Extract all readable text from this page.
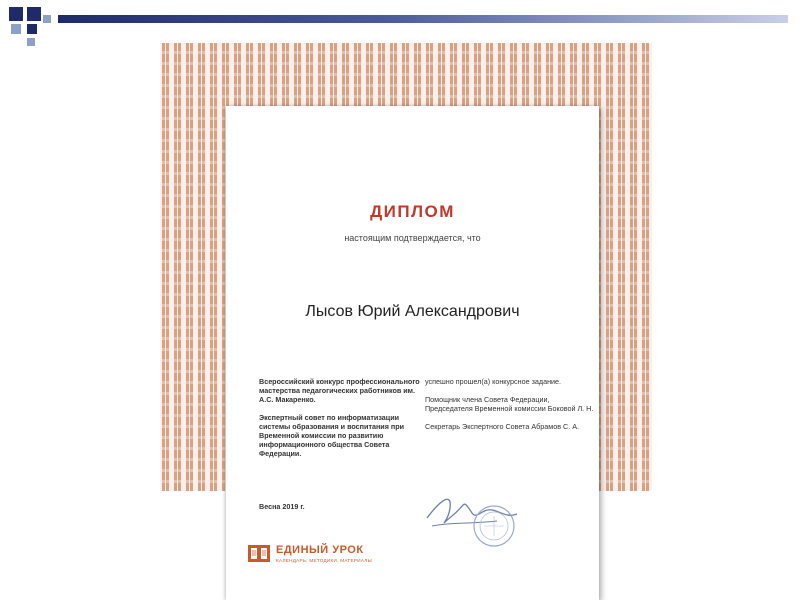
ДИПЛОМ
настоящим подтверждается, что
Лысов Юрий Александрович

Всероссийский конкурс профессионального мастерства педагогических работников им. А.С. Макаренко.

Экспертный совет по информатизации системы образования и воспитания при Временной комиссии по развитию информационного общества Совета Федерации.

Весна 2019 г.

успешно прошел(а) конкурсное задание.

Помощник члена Совета Федерации, Председателя Временной комиссии Боковой Л. Н.

Секретарь Экспертного Совета Абрамов С. А.

ЕДИНЫЙ УРОК
КАЛЕНДАРЬ, МЕТОДИКИ, МАТЕРИАЛЫ
